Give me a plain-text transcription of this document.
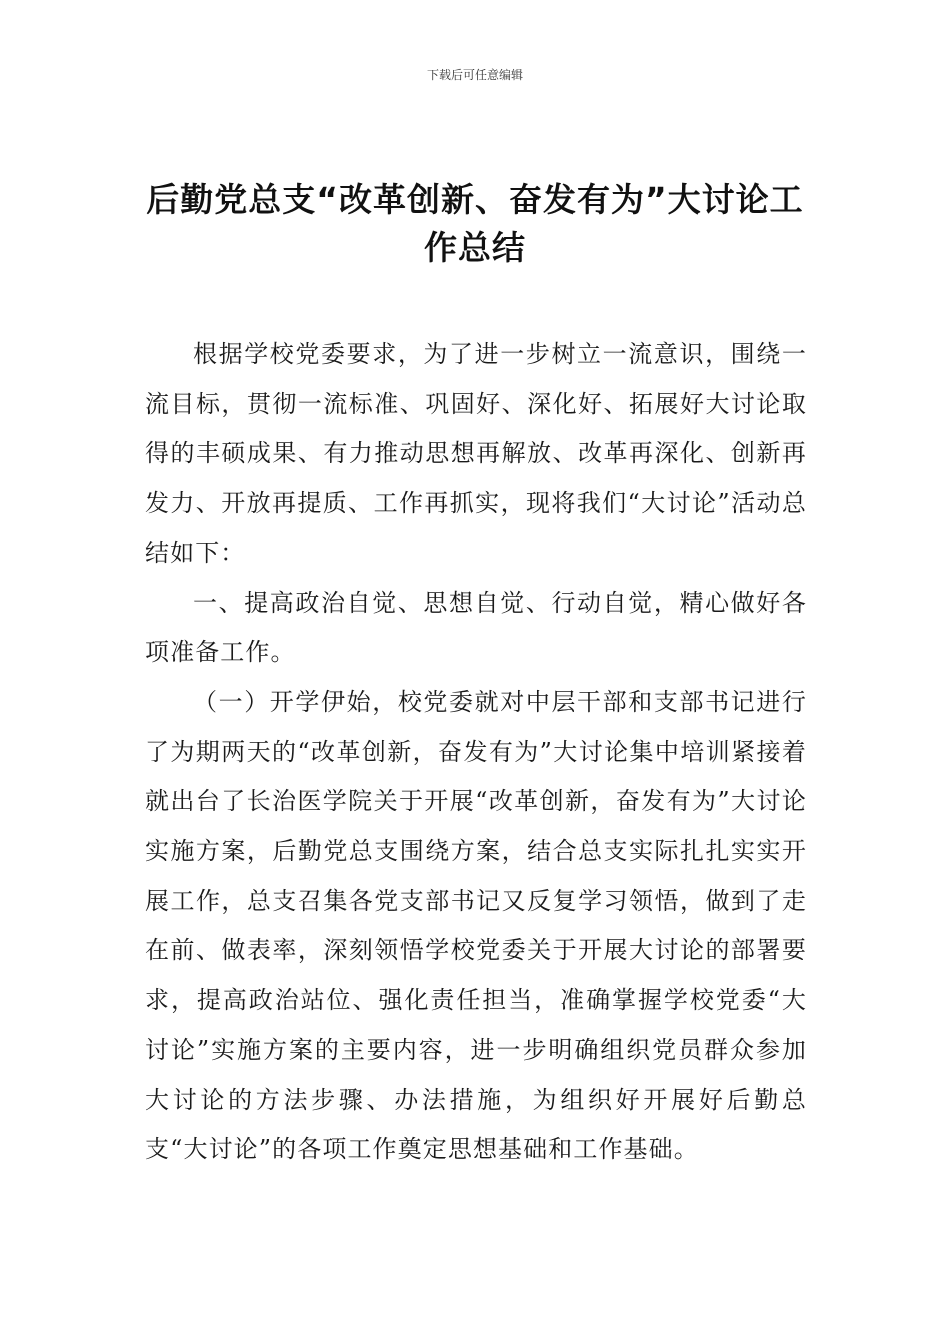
下载后可任意编辑
后勤党总支“改革创新、奋发有为”大讨论工作总结

根据学校党委要求，为了进一步树立一流意识，围绕一流目标，贯彻一流标准、巩固好、深化好、拓展好大讨论取得的丰硕成果、有力推动思想再解放、改革再深化、创新再发力、开放再提质、工作再抓实，现将我们“大讨论”活动总结如下：

一、提高政治自觉、思想自觉、行动自觉，精心做好各项准备工作。

（一）开学伊始，校党委就对中层干部和支部书记进行了为期两天的“改革创新，奋发有为”大讨论集中培训紧接着就出台了长治医学院关于开展“改革创新，奋发有为”大讨论实施方案，后勤党总支围绕方案，结合总支实际扎扎实实开展工作，总支召集各党支部书记又反复学习领悟，做到了走在前、做表率，深刻领悟学校党委关于开展大讨论的部署要求，提高政治站位、强化责任担当，准确掌握学校党委“大讨论”实施方案的主要内容，进一步明确组织党员群众参加大讨论的方法步骤、办法措施，为组织好开展好后勤总支“大讨论”的各项工作奠定思想基础和工作基础。
